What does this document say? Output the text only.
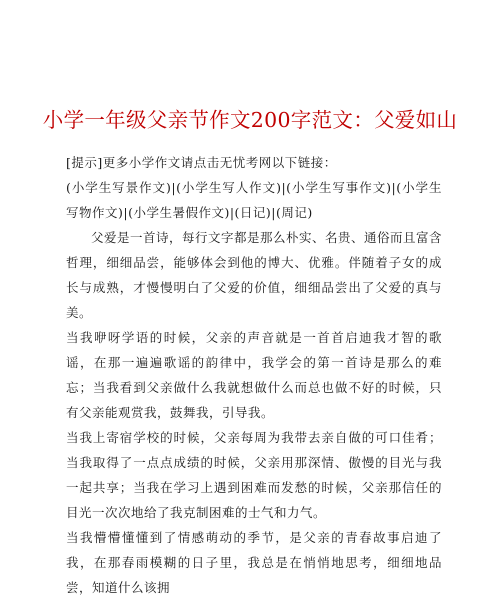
小学一年级父亲节作文200字范文：父爱如山

[提示]更多小学作文请点击无忧考网以下链接：

(小学生写景作文)|(小学生写人作文)|(小学生写事作文)|(小学生写物作文)|(小学生暑假作文)|(日记)|(周记)

父爱是一首诗，每行文字都是那么朴实、名贵、通俗而且富含哲理，细细品尝，能够体会到他的博大、优雅。伴随着子女的成长与成熟，才慢慢明白了父爱的价值，细细品尝出了父爱的真与美。

当我咿呀学语的时候，父亲的声音就是一首首启迪我才智的歌谣，在那一遍遍歌谣的韵律中，我学会的第一首诗是那么的难忘；当我看到父亲做什么我就想做什么而总也做不好的时候，只有父亲能观赏我，鼓舞我，引导我。

当我上寄宿学校的时候，父亲每周为我带去亲自做的可口佳肴；当我取得了一点点成绩的时候，父亲用那深情、傲慢的目光与我一起共享；当我在学习上遇到困难而发愁的时候，父亲那信任的目光一次次地给了我克制困难的士气和力气。

当我懵懵懂懂到了情感萌动的季节，是父亲的青春故事启迪了我，在那春雨模糊的日子里，我总是在悄悄地思考，细细地品尝，知道什么该拥
